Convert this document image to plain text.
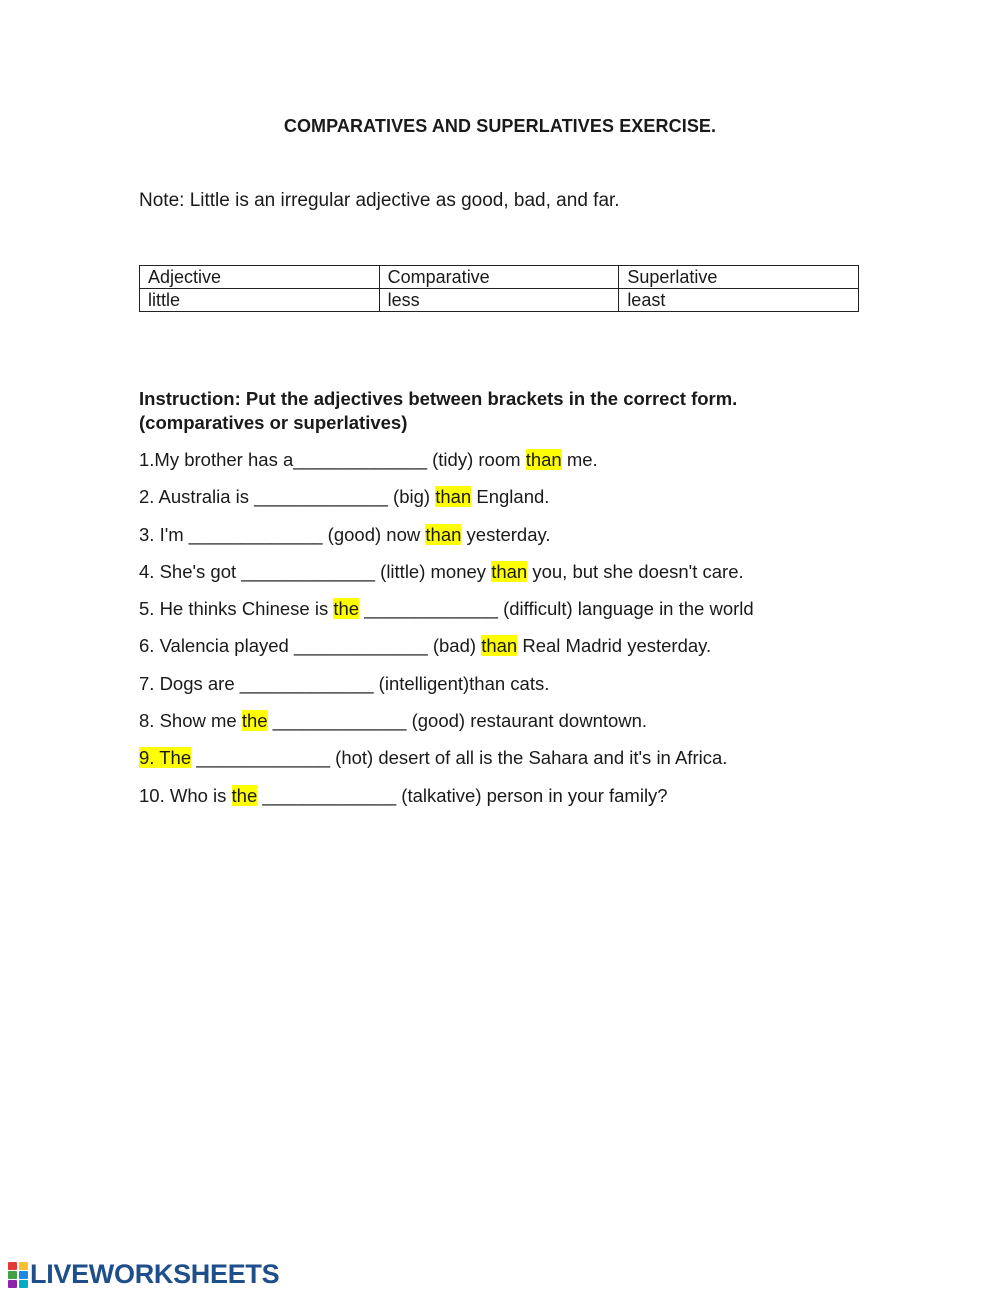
COMPARATIVES AND SUPERLATIVES EXERCISE.
Note: Little is an irregular adjective as good, bad, and far.
Adjective	Comparative	Superlative
little	less	least
Instruction: Put the adjectives between brackets in the correct form.
(comparatives or superlatives)
1.My brother has a_____________ (tidy) room than me.
2. Australia is _____________ (big) than England.
3. I'm _____________ (good) now than yesterday.
4. She's got _____________ (little) money than you, but she doesn't care.
5. He thinks Chinese is the _____________ (difficult) language in the world
6. Valencia played _____________ (bad) than Real Madrid yesterday.
7. Dogs are _____________ (intelligent)than cats.
8. Show me the _____________ (good) restaurant downtown.
9. The _____________ (hot) desert of all is the Sahara and it's in Africa.
10. Who is the _____________ (talkative) person in your family?
LIVEWORKSHEETS
